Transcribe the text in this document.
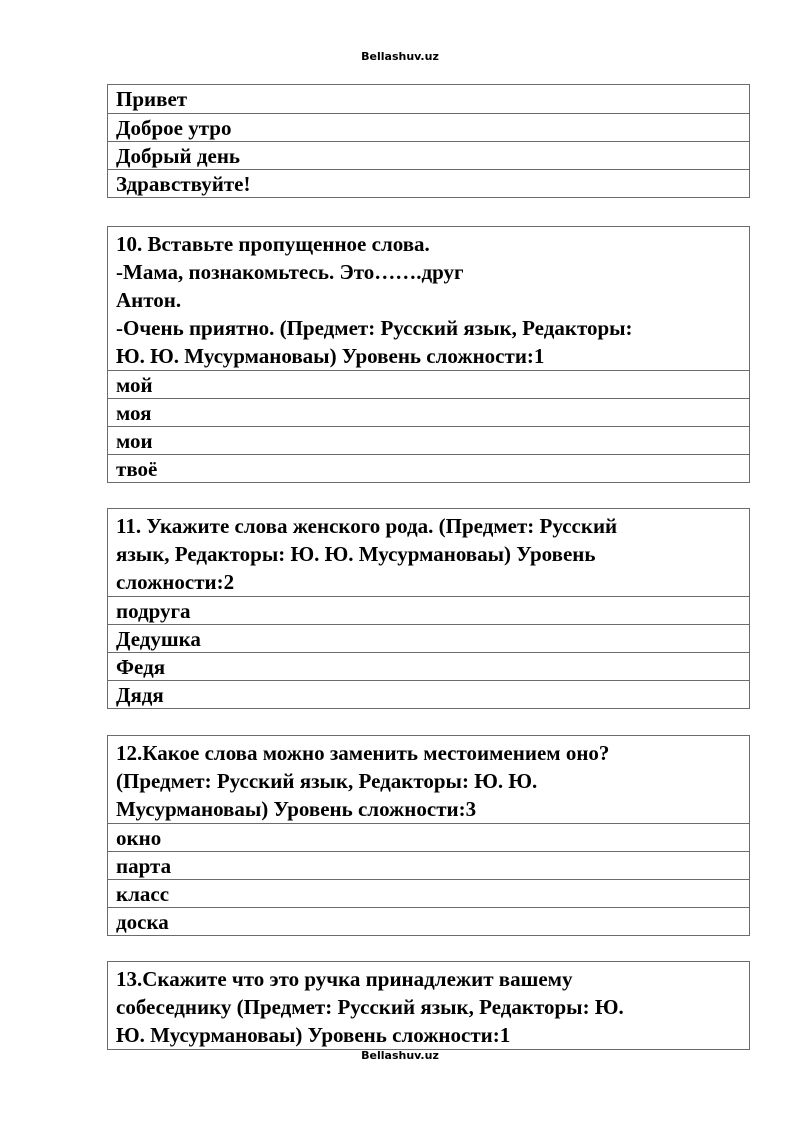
Bellashuv.uz
Привет
Доброе утро
Добрый день
Здравствуйте!
10. Вставьте пропущенное слова.
-Мама, познакомьтесь. Это…….друг
Антон.
-Очень приятно. (Предмет: Русский язык, Редакторы:
Ю. Ю. Мусурмановаы) Уровень сложности:1
мой
моя
мои
твоё
11. Укажите слова женского рода. (Предмет: Русский
язык, Редакторы: Ю. Ю. Мусурмановаы) Уровень
сложности:2
подруга
Дедушка
Федя
Дядя
12.Какое слова можно заменить местоимением оно?
(Предмет: Русский язык, Редакторы: Ю. Ю.
Мусурмановаы) Уровень сложности:3
окно
парта
класс
доска
13.Скажите что это ручка принадлежит вашему
собеседнику (Предмет: Русский язык, Редакторы: Ю.
Ю. Мусурмановаы) Уровень сложности:1
Bellashuv.uz
